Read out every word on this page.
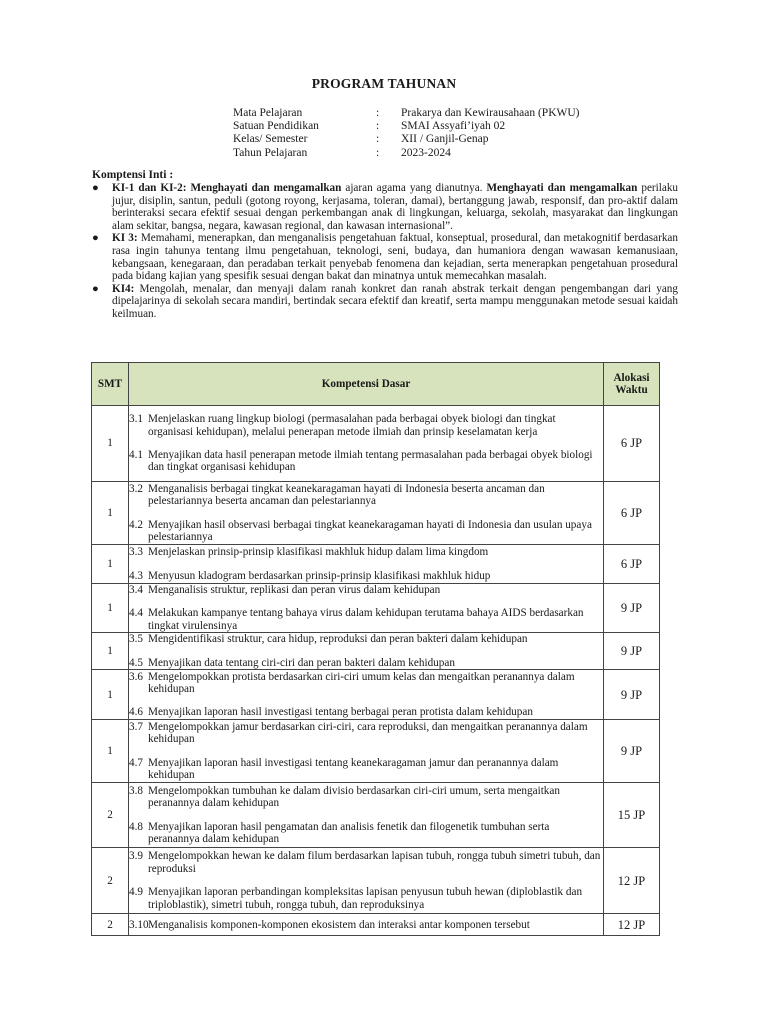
PROGRAM TAHUNAN
Mata Pelajaran	:	Prakarya dan Kewirausahaan (PKWU)
Satuan Pendidikan	:	SMAI Assyafi’iyah 02
Kelas/ Semester	:	XII / Ganjil-Genap
Tahun Pelajaran	:	2023-2024
Komptensi Inti :
●	KI-1 dan KI-2: Menghayati dan mengamalkan ajaran agama yang dianutnya. Menghayati dan mengamalkan perilaku jujur, disiplin, santun, peduli (gotong royong, kerjasama, toleran, damai), bertanggung jawab, responsif, dan pro-aktif dalam berinteraksi secara efektif sesuai dengan perkembangan anak di lingkungan, keluarga, sekolah, masyarakat dan lingkungan alam sekitar, bangsa, negara, kawasan regional, dan kawasan internasional”.
●	KI 3: Memahami, menerapkan, dan menganalisis pengetahuan faktual, konseptual, prosedural, dan metakognitif berdasarkan rasa ingin tahunya tentang ilmu pengetahuan, teknologi, seni, budaya, dan humaniora dengan wawasan kemanusiaan, kebangsaan, kenegaraan, dan peradaban terkait penyebab fenomena dan kejadian, serta menerapkan pengetahuan prosedural pada bidang kajian yang spesifik sesuai dengan bakat dan minatnya untuk memecahkan masalah.
●	KI4: Mengolah, menalar, dan menyaji dalam ranah konkret dan ranah abstrak terkait dengan pengembangan dari yang dipelajarinya di sekolah secara mandiri, bertindak secara efektif dan kreatif, serta mampu menggunakan metode sesuai kaidah keilmuan.
SMT	Kompetensi Dasar	Alokasi Waktu
1	3.1 Menjelaskan ruang lingkup biologi (permasalahan pada berbagai obyek biologi dan tingkat organisasi kehidupan), melalui penerapan metode ilmiah dan prinsip keselamatan kerja
4.1 Menyajikan data hasil penerapan metode ilmiah tentang permasalahan pada berbagai obyek biologi dan tingkat organisasi kehidupan	6 JP
1	3.2 Menganalisis berbagai tingkat keanekaragaman hayati di Indonesia beserta ancaman dan pelestariannya beserta ancaman dan pelestariannya
4.2 Menyajikan hasil observasi berbagai tingkat keanekaragaman hayati di Indonesia dan usulan upaya pelestariannya	6 JP
1	3.3 Menjelaskan prinsip-prinsip klasifikasi makhluk hidup dalam lima kingdom
4.3 Menyusun kladogram berdasarkan prinsip-prinsip klasifikasi makhluk hidup	6 JP
1	3.4 Menganalisis struktur, replikasi dan peran virus dalam kehidupan
4.4 Melakukan kampanye tentang bahaya virus dalam kehidupan terutama bahaya AIDS berdasarkan tingkat virulensinya	9 JP
1	3.5 Mengidentifikasi struktur, cara hidup, reproduksi dan peran bakteri dalam kehidupan
4.5 Menyajikan data tentang ciri-ciri dan peran bakteri dalam kehidupan	9 JP
1	3.6 Mengelompokkan protista berdasarkan ciri-ciri umum kelas dan mengaitkan peranannya dalam kehidupan
4.6 Menyajikan laporan hasil investigasi tentang berbagai peran protista dalam kehidupan	9 JP
1	3.7 Mengelompokkan jamur berdasarkan ciri-ciri, cara reproduksi, dan mengaitkan peranannya dalam kehidupan
4.7 Menyajikan laporan hasil investigasi tentang keanekaragaman jamur dan peranannya dalam kehidupan	9 JP
2	3.8 Mengelompokkan tumbuhan ke dalam divisio berdasarkan ciri-ciri umum, serta mengaitkan peranannya dalam kehidupan
4.8 Menyajikan laporan hasil pengamatan dan analisis fenetik dan filogenetik tumbuhan serta peranannya dalam kehidupan	15 JP
2	3.9 Mengelompokkan hewan ke dalam filum berdasarkan lapisan tubuh, rongga tubuh simetri tubuh, dan reproduksi
4.9 Menyajikan laporan perbandingan kompleksitas lapisan penyusun tubuh hewan (diploblastik dan triploblastik), simetri tubuh, rongga tubuh, dan reproduksinya	12 JP
2	3.10 Menganalisis komponen-komponen ekosistem dan interaksi antar komponen tersebut	12 JP
